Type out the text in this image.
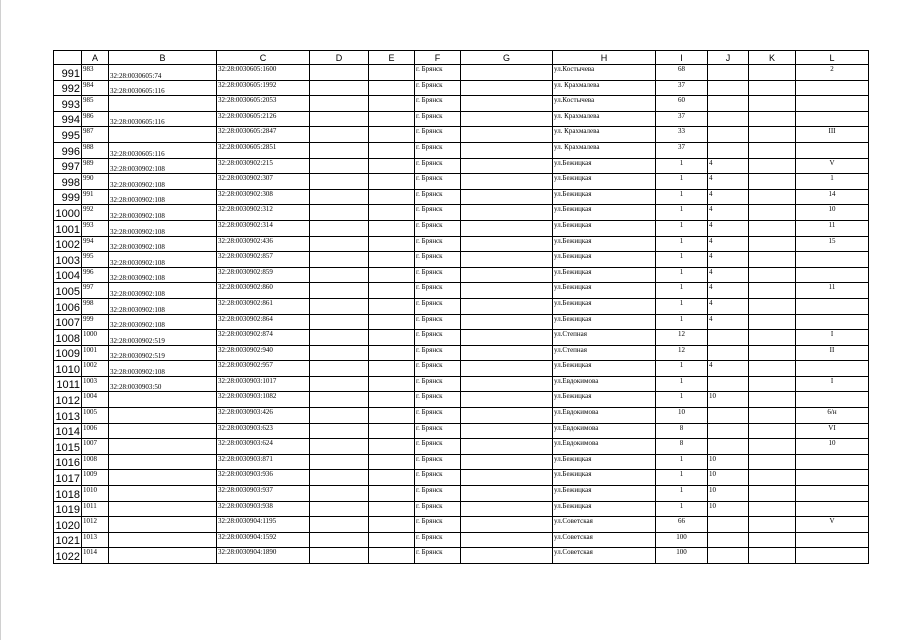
	A	B	C	D	E	F	G	H	I	J	K	L
991	983	32:28:0030605:74	32:28:0030605:1600			г. Брянск		ул.Костычева	68			2
992	984	32:28:0030605:116	32:28:0030605:1992			г. Брянск		ул. Крахмалева	37			
993	985		32:28:0030605:2053			г. Брянск		ул.Костычева	60			
994	986	32:28:0030605:116	32:28:0030605:2126			г. Брянск		ул. Крахмалева	37			
995	987		32:28:0030605:2847			г. Брянск		ул. Крахмалева	33			III
996	988	32:28:0030605:116	32:28:0030605:2851			г. Брянск		ул. Крахмалева	37			
997	989	32:28:0030902:108	32:28:0030902:215			г. Брянск		ул.Бежицкая	1	4		V
998	990	32:28:0030902:108	32:28:0030902:307			г. Брянск		ул.Бежицкая	1	4		1
999	991	32:28:0030902:108	32:28:0030902:308			г. Брянск		ул.Бежицкая	1	4		14
1000	992	32:28:0030902:108	32:28:0030902:312			г. Брянск		ул.Бежицкая	1	4		10
1001	993	32:28:0030902:108	32:28:0030902:314			г. Брянск		ул.Бежицкая	1	4		11
1002	994	32:28:0030902:108	32:28:0030902:436			г. Брянск		ул.Бежицкая	1	4		15
1003	995	32:28:0030902:108	32:28:0030902:857			г. Брянск		ул.Бежицкая	1	4		
1004	996	32:28:0030902:108	32:28:0030902:859			г. Брянск		ул.Бежицкая	1	4		
1005	997	32:28:0030902:108	32:28:0030902:860			г. Брянск		ул.Бежицкая	1	4		11
1006	998	32:28:0030902:108	32:28:0030902:861			г. Брянск		ул.Бежицкая	1	4		
1007	999	32:28:0030902:108	32:28:0030902:864			г. Брянск		ул.Бежицкая	1	4		
1008	1000	32:28:0030902:519	32:28:0030902:874			г. Брянск		ул.Степная	12			I
1009	1001	32:28:0030902:519	32:28:0030902:940			г. Брянск		ул.Степная	12			II
1010	1002	32:28:0030902:108	32:28:0030902:957			г. Брянск		ул.Бежицкая	1	4		
1011	1003	32:28:0030903:50	32:28:0030903:1017			г. Брянск		ул.Евдокимова	1			I
1012	1004		32:28:0030903:1082			г. Брянск		ул.Бежицкая	1	10		
1013	1005		32:28:0030903:426			г. Брянск		ул.Евдокимова	10			6/н
1014	1006		32:28:0030903:623			г. Брянск		ул.Евдокимова	8			VI
1015	1007		32:28:0030903:624			г. Брянск		ул.Евдокимова	8			10
1016	1008		32:28:0030903:871			г. Брянск		ул.Бежицкая	1	10		
1017	1009		32:28:0030903:936			г. Брянск		ул.Бежицкая	1	10		
1018	1010		32:28:0030903:937			г. Брянск		ул.Бежицкая	1	10		
1019	1011		32:28:0030903:938			г. Брянск		ул.Бежицкая	1	10		
1020	1012		32:28:0030904:1195			г. Брянск		ул.Советская	66			V
1021	1013		32:28:0030904:1592			г. Брянск		ул.Советская	100			
1022	1014		32:28:0030904:1890			г. Брянск		ул.Советская	100			
